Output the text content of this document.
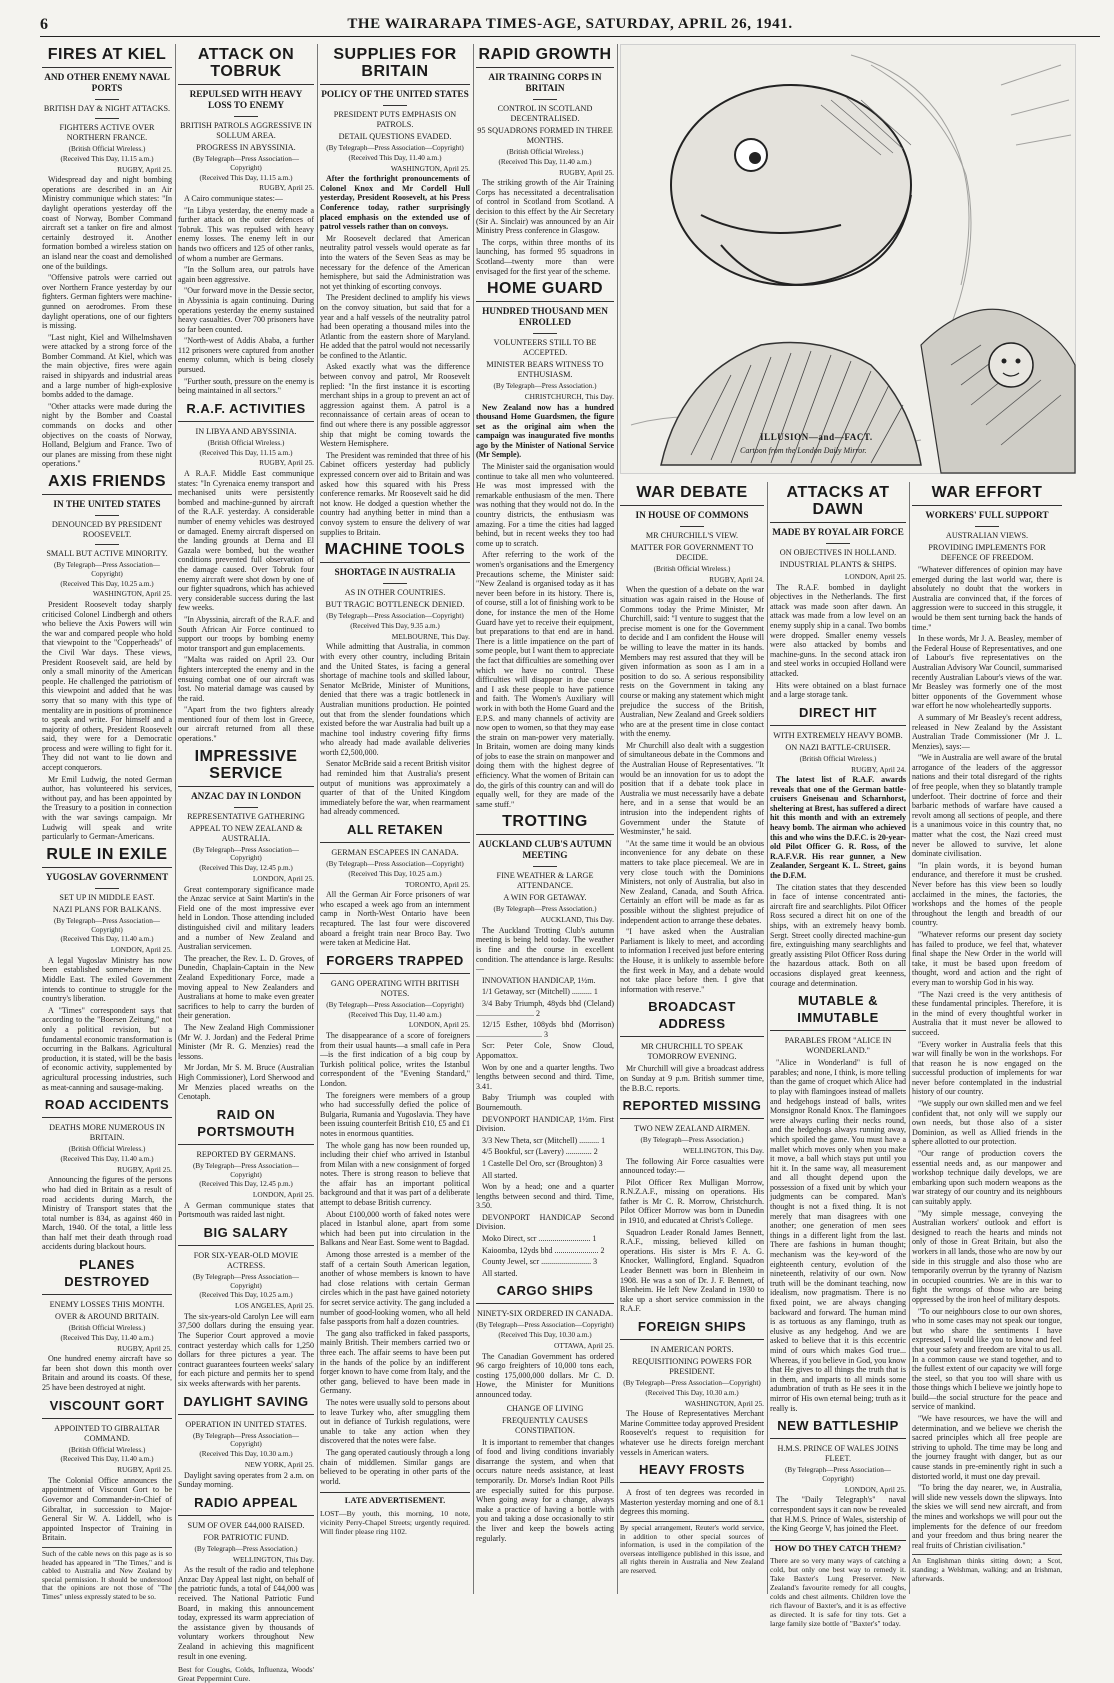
6	THE WAIRARAPA TIMES-AGE, SATURDAY, APRIL 26, 1941.
FIRES AT KIEL
AND OTHER ENEMY NAVAL PORTS
BRITISH DAY & NIGHT ATTACKS.
FIGHTERS ACTIVE OVER NORTHERN FRANCE.
(British Official Wireless.)
(Received This Day, 11.15 a.m.)
RUGBY, April 25.

Widespread day and night bombing operations are described in an Air Ministry communique which states: "In daylight operations yesterday off the coast of Norway, Bomber Command aircraft set a tanker on fire and almost certainly destroyed it. Another formation bombed a wireless station on an island near the coast and demolished one of the buildings.

"Offensive patrols were carried out over Northern France yesterday by our fighters. German fighters were machine-gunned on aerodromes. From these daylight operations, one of our fighters is missing.

"Last night, Kiel and Wilhelmshaven were attacked by a strong force of the Bomber Command. At Kiel, which was the main objective, fires were again raised in shipyards and industrial areas and a large number of high-explosive bombs added to the damage.

"Other attacks were made during the night by the Bomber and Coastal commands on docks and other objectives on the coasts of Norway, Holland, Belgium and France. Two of our planes are missing from these night operations."

AXIS FRIENDS
IN THE UNITED STATES
DENOUNCED BY PRESIDENT ROOSEVELT.
SMALL BUT ACTIVE MINORITY.
(By Telegraph—Press Association—Copyright)
(Received This Day, 10.25 a.m.)
WASHINGTON, April 25.

President Roosevelt today sharply criticised Colonel Lindbergh and others who believe the Axis Powers will win the war and compared people who hold that viewpoint to the "Copperheads" of the Civil War days. These views, President Roosevelt said, are held by only a small minority of the American people. He challenged the patriotism of this viewpoint and added that he was sorry that so many with this type of mentality are in positions of prominence to speak and write. For himself and a majority of others, President Roosevelt said, they were for a Democratic process and were willing to fight for it. They did not want to lie down and accept conquerors.

Mr Emil Ludwig, the noted German author, has volunteered his services, without pay, and has been appointed by the Treasury to a position in connection with the war savings campaign. Mr Ludwig will speak and write particularly to German-Americans.

RULE IN EXILE
YUGOSLAV GOVERNMENT
SET UP IN MIDDLE EAST.
NAZI PLANS FOR BALKANS.
(By Telegraph—Press Association—Copyright)
(Received This Day, 11.40 a.m.)
LONDON, April 25.

A legal Yugoslav Ministry has now been established somewhere in the Middle East. The exiled Government intends to continue to struggle for the country's liberation.

A "Times" correspondent says that according to the "Boersen Zeitung," not only a political revision, but a fundamental economic transformation is occurring in the Balkans. Agricultural production, it is stated, will be the basis of economic activity, supplemented by agricultural processing industries, such as meat-canning and sausage-making.

ROAD ACCIDENTS
DEATHS MORE NUMEROUS IN BRITAIN.
(British Official Wireless.)
(Received This Day, 11.40 a.m.)
RUGBY, April 25.

Announcing the figures of the persons who had died in Britain as a result of road accidents during March, the Ministry of Transport states that the total number is 834, as against 460 in March, 1940. Of the total, a little less than half met their death through road accidents during blackout hours.

PLANES DESTROYED
ENEMY LOSSES THIS MONTH.
OVER & AROUND BRITAIN.
(British Official Wireless.)
(Received This Day, 11.40 a.m.)
RUGBY, April 25.

One hundred enemy aircraft have so far been shot down this month over Britain and around its coasts. Of these, 25 have been destroyed at night.

VISCOUNT GORT
APPOINTED TO GIBRALTAR COMMAND.
(British Official Wireless.)
(Received This Day, 11.40 a.m.)
RUGBY, April 25.

The Colonial Office announces the appointment of Viscount Gort to be Governor and Commander-in-Chief of Gibraltar, in succession to Major-General Sir W. A. Liddell, who is appointed Inspector of Training in Britain.

Such of the cable news on this page as is so headed has appeared in "The Times," and is cabled to Australia and New Zealand by special permission. It should be understood that the opinions are not those of "The Times" unless expressly stated to be so.
ATTACK ON TOBRUK
REPULSED WITH HEAVY LOSS TO ENEMY
BRITISH PATROLS AGGRESSIVE IN SOLLUM AREA.
PROGRESS IN ABYSSINIA.
(By Telegraph—Press Association—Copyright)
(Received This Day, 11.15 a.m.)
RUGBY, April 25.

A Cairo communique states:—

"In Libya yesterday, the enemy made a further attack on the outer defences of Tobruk. This was repulsed with heavy enemy losses. The enemy left in our hands two officers and 125 of other ranks, of whom a number are Germans.

"In the Sollum area, our patrols have again been aggressive.

"Our forward move in the Dessie sector, in Abyssinia is again continuing. During operations yesterday the enemy sustained heavy casualties. Over 700 prisoners have so far been counted.

"North-west of Addis Ababa, a further 112 prisoners were captured from another enemy column, which is being closely pursued.

"Further south, pressure on the enemy is being maintained in all sectors."

R.A.F. ACTIVITIES
IN LIBYA AND ABYSSINIA.
(British Official Wireless.)
(Received This Day, 11.15 a.m.)
RUGBY, April 25.

A R.A.F. Middle East communique states: "In Cyrenaica enemy transport and mechanised units were persistently bombed and machine-gunned by aircraft of the R.A.F. yesterday. A considerable number of enemy vehicles was destroyed or damaged. Enemy aircraft dispersed on the landing grounds at Derna and El Gazala were bombed, but the weather conditions prevented full observation of the damage caused. Over Tobruk four enemy aircraft were shot down by one of our fighter squadrons, which has achieved very considerable success during the last few weeks.

"In Abyssinia, aircraft of the R.A.F. and South African Air Force continued to support our troops by bombing enemy motor transport and gun emplacements.

"Malta was raided on April 23. Our fighters intercepted the enemy and in the ensuing combat one of our aircraft was lost. No material damage was caused by the raid.

"Apart from the two fighters already mentioned four of them lost in Greece, our aircraft returned from all these operations."

IMPRESSIVE SERVICE
ANZAC DAY IN LONDON
REPRESENTATIVE GATHERING
APPEAL TO NEW ZEALAND & AUSTRALIA.
(By Telegraph—Press Association—Copyright)
(Received This Day, 12.45 p.m.)
LONDON, April 25.

Great contemporary significance made the Anzac service at Saint Martin's in the Field one of the most impressive ever held in London. Those attending included distinguished civil and military leaders and a number of New Zealand and Australian servicemen.

The preacher, the Rev. L. D. Groves, of Dunedin, Chaplain-Captain in the New Zealand Expeditionary Force, made a moving appeal to New Zealanders and Australians at home to make even greater sacrifices to help to carry the burden of their generation.

The New Zealand High Commissioner (Mr W. J. Jordan) and the Federal Prime Minister (Mr R. G. Menzies) read the lessons.

Mr Jordan, Mr S. M. Bruce (Australian High Commissioner), Lord Sherwood and Mr Menzies placed wreaths on the Cenotaph.

RAID ON PORTSMOUTH
REPORTED BY GERMANS.
(By Telegraph—Press Association—Copyright)
(Received This Day, 12.45 p.m.)
LONDON, April 25.

A German communique states that Portsmouth was raided last night.

BIG SALARY
FOR SIX-YEAR-OLD MOVIE ACTRESS.
(By Telegraph—Press Association—Copyright)
(Received This Day, 10.25 a.m.)
LOS ANGELES, April 25.

The six-years-old Carolyn Lee will earn 37,500 dollars during the ensuing year. The Superior Court approved a movie contract yesterday which calls for 1,250 dollars for three pictures a year. The contract guarantees fourteen weeks' salary for each picture and permits her to spend six weeks afterwards with her parents.

DAYLIGHT SAVING
OPERATION IN UNITED STATES.
(By Telegraph—Press Association—Copyright)
(Received This Day, 10.30 a.m.)
NEW YORK, April 25.

Daylight saving operates from 2 a.m. on Sunday morning.

RADIO APPEAL
SUM OF OVER £44,000 RAISED.
FOR PATRIOTIC FUND.
(By Telegraph—Press Association.)
WELLINGTON, This Day.

As the result of the radio and telephone Anzac Day Appeal last night, on behalf of the patriotic funds, a total of £44,000 was received. The National Patriotic Fund Board, in making this announcement today, expressed its warm appreciation of the assistance given by thousands of voluntary workers throughout New Zealand in achieving this magnificent result in one evening.

Best for Coughs, Colds, Influenza, Woods' Great Peppermint Cure.
SUPPLIES FOR BRITAIN
POLICY OF THE UNITED STATES
PRESIDENT PUTS EMPHASIS ON PATROLS.
DETAIL QUESTIONS EVADED.
(By Telegraph—Press Association—Copyright)
(Received This Day, 11.40 a.m.)
WASHINGTON, April 25.

After the forthright pronouncements of Colonel Knox and Mr Cordell Hull yesterday, President Roosevelt, at his Press Conference today, rather surprisingly placed emphasis on the extended use of patrol vessels rather than on convoys.

Mr Roosevelt declared that American neutrality patrol vessels would operate as far into the waters of the Seven Seas as may be necessary for the defence of the American hemisphere, but said the Administration was not yet thinking of escorting convoys.

The President declined to amplify his views on the convoy situation, but said that for a year and a half vessels of the neutrality patrol had been operating a thousand miles into the Atlantic from the eastern shore of Maryland. He added that the patrol would not necessarily be confined to the Atlantic.

Asked exactly what was the difference between convoy and patrol, Mr Roosevelt replied: "In the first instance it is escorting merchant ships in a group to prevent an act of aggression against them. A patrol is a reconnaissance of certain areas of ocean to find out where there is any possible aggressor ship that might be coming towards the Western Hemisphere.

The President was reminded that three of his Cabinet officers yesterday had publicly expressed concern over aid to Britain and was asked how this squared with his Press conference remarks. Mr Roosevelt said he did not know. He dodged a question whether the country had anything better in mind than a convoy system to ensure the delivery of war supplies to Britain.

MACHINE TOOLS
SHORTAGE IN AUSTRALIA
AS IN OTHER COUNTRIES.
BUT TRAGIC BOTTLENECK DENIED.
(By Telegraph—Press Association—Copyright)
(Received This Day, 9.35 a.m.)
MELBOURNE, This Day.

While admitting that Australia, in common with every other country, including Britain and the United States, is facing a general shortage of machine tools and skilled labour, Senator McBride, Minister of Munitions, denied that there was a tragic bottleneck in Australian munitions production. He pointed out that from the slender foundations which existed before the war Australia had built up a machine tool industry covering fifty firms who already had made available deliveries worth £2,500,000.

Senator McBride said a recent British visitor had reminded him that Australia's present output of munitions was approximately a quarter of that of the United Kingdom immediately before the war, when rearmament had already commenced.

ALL RETAKEN
GERMAN ESCAPEES IN CANADA.
(By Telegraph—Press Association—Copyright)
(Received This Day, 10.25 a.m.)
TORONTO, April 25.

All the German Air Force prisoners of war who escaped a week ago from an internment camp in North-West Ontario have been recaptured. The last four were discovered aboard a freight train near Broco Bay. Two were taken at Medicine Hat.

FORGERS TRAPPED
GANG OPERATING WITH BRITISH NOTES.
(By Telegraph—Press Association—Copyright)
(Received This Day, 11.40 a.m.)
LONDON, April 25.

The disappearance of a score of foreigners from their usual haunts—a small cafe in Pera—is the first indication of a big coup by Turkish political police, writes the Istanbul correspondent of the "Evening Standard," London.

The foreigners were members of a group who had successfully defied the police of Bulgaria, Rumania and Yugoslavia. They have been issuing counterfeit British £10, £5 and £1 notes in enormous quantities.

The whole gang has now been rounded up, including their chief who arrived in Istanbul from Milan with a new consignment of forged notes. There is strong reason to believe that the affair has an important political background and that it was part of a deliberate attempt to debase British currency.

About £100,000 worth of faked notes were placed in Istanbul alone, apart from some which had been put into circulation in the Balkans and Near East. Some went to Bagdad.

Among those arrested is a member of the staff of a certain South American legation, another of whose members is known to have had close relations with certain German circles which in the past have gained notoriety for secret service activity. The gang included a number of good-looking women, who all held false passports from half a dozen countries.

The gang also trafficked in faked passports, mainly British. Their members carried two or three each. The affair seems to have been put in the hands of the police by an indifferent forger known to have come from Italy, and the other gang, believed to have been made in Germany.

The notes were usually sold to persons about to leave Turkey who, after smuggling them out in defiance of Turkish regulations, were unable to take any action when they discovered that the notes were false.

The gang operated cautiously through a long chain of middlemen. Similar gangs are believed to be operating in other parts of the world.

LATE ADVERTISEMENT.
LOST—By youth, this morning, 10 note, vicinity Perry-Chapel Streets; urgently required. Will finder please ring 1102.
RAPID GROWTH
AIR TRAINING CORPS IN BRITAIN
CONTROL IN SCOTLAND DECENTRALISED.
95 SQUADRONS FORMED IN THREE MONTHS.
(British Official Wireless.)
(Received This Day, 11.40 a.m.)
RUGBY, April 25.

The striking growth of the Air Training Corps has necessitated a decentralisation of control in Scotland from Scotland. A decision to this effect by the Air Secretary (Sir A. Sinclair) was announced by an Air Ministry Press conference in Glasgow.

The corps, within three months of its launching, has formed 95 squadrons in Scotland—twenty more than were envisaged for the first year of the scheme.

HOME GUARD
HUNDRED THOUSAND MEN ENROLLED
VOLUNTEERS STILL TO BE ACCEPTED.
MINISTER BEARS WITNESS TO ENTHUSIASM.
(By Telegraph—Press Association.)
CHRISTCHURCH, This Day.

New Zealand now has a hundred thousand Home Guardsmen, the figure set as the original aim when the campaign was inaugurated five months ago by the Minister of National Service (Mr Semple).

The Minister said the organisation would continue to take all men who volunteered. He was most impressed with the remarkable enthusiasm of the men. There was nothing that they would not do. In the country districts, the enthusiasm was amazing. For a time the cities had lagged behind, but in recent weeks they too had come up to scratch.

After referring to the work of the women's organisations and the Emergency Precautions scheme, the Minister said: "New Zealand is organised today as it has never been before in its history. There is, of course, still a lot of finishing work to be done, for instance the men of the Home Guard have yet to receive their equipment, but preparations to that end are in hand. There is a little impatience on the part of some people, but I want them to appreciate the fact that difficulties are something over which we have no control. These difficulties will disappear in due course and I ask these people to have patience and faith. The Women's Auxiliary will work in with both the Home Guard and the E.P.S. and many channels of activity are now open to women, so that they may ease the strain on man-power very materially. In Britain, women are doing many kinds of jobs to ease the strain on manpower and doing them with the highest degree of efficiency. What the women of Britain can do, the girls of this country can and will do equally well, for they are made of the same stuff."

TROTTING
AUCKLAND CLUB'S AUTUMN MEETING
FINE WEATHER & LARGE ATTENDANCE.
A WIN FOR GETAWAY.
(By Telegraph—Press Association.)
AUCKLAND, This Day.

The Auckland Trotting Club's autumn meeting is being held today. The weather is fine and the course in excellent condition. The attendance is large. Results:—

INNOVATION HANDICAP, 1½m.

1/1 Getaway, scr (Mitchell) .......... 1

3/4 Baby Triumph, 48yds bhd (Cleland) ............................. 2

12/15 Esther, 108yds bhd (Morrison) ................................. 3

Scr: Peter Cole, Snow Cloud, Appomattox.

Won by one and a quarter lengths. Two lengths between second and third. Time, 3.41.

Baby Triumph was coupled with Bournemouth.

DEVONPORT HANDICAP, 1½m. First Division.

3/3 New Theta, scr (Mitchell) .......... 1

4/5 Bookful, scr (Lavery) ............. 2

1 Castelle Del Oro, scr (Broughton) 3

All started.

Won by a head; one and a quarter lengths between second and third. Time, 3.50.

DEVONPORT HANDICAP Second Division.

Moko Direct, scr .......................... 1

Kaioomba, 12yds bhd ...................... 2

County Jewel, scr ......................... 3

All started.

CARGO SHIPS
NINETY-SIX ORDERED IN CANADA.
(By Telegraph—Press Association—Copyright)
(Received This Day, 10.30 a.m.)
OTTAWA, April 25.

The Canadian Government has ordered 96 cargo freighters of 10,000 tons each, costing 175,000,000 dollars. Mr C. D. Howe, the Minister for Munitions announced today.

CHANGE OF LIVING
FREQUENTLY CAUSES CONSTIPATION.

It is important to remember that changes of food and living conditions invariably disarrange the system, and when that occurs nature needs assistance, at least temporarily. Dr. Morse's Indian Root Pills are especially suited for this purpose. When going away for a change, always make a practice of having a bottle with you and taking a dose occasionally to stir the liver and keep the bowels acting regularly.

ILLUSION—and—FACT.
Cartoon from the London Daily Mirror.
WAR DEBATE
IN HOUSE OF COMMONS
MR CHURCHILL'S VIEW.
MATTER FOR GOVERNMENT TO DECIDE.
(British Official Wireless.)
RUGBY, April 24.

When the question of a debate on the war situation was again raised in the House of Commons today the Prime Minister, Mr Churchill, said: "I venture to suggest that the precise moment is one for the Government to decide and I am confident the House will be willing to leave the matter in its hands. Members may rest assured that they will be given information as soon as I am in a position to do so. A serious responsibility rests on the Government in taking any course or making any statement which might prejudice the success of the British, Australian, New Zealand and Greek soldiers who are at the present time in close contact with the enemy.

Mr Churchill also dealt with a suggestion of simultaneous debate in the Commons and the Australian House of Representatives. "It would be an innovation for us to adopt the position that if a debate took place in Australia we must necessarily have a debate here, and in a sense that would be an intrusion into the independent rights of Government under the Statute of Westminster," he said.

"At the same time it would be an obvious inconvenience for any debate on these matters to take place piecemeal. We are in very close touch with the Dominions Ministers, not only of Australia, but also in New Zealand, Canada, and South Africa. Certainly an effort will be made as far as possible without the slightest prejudice of independent action to arrange these debates.

"I have asked when the Australian Parliament is likely to meet, and according to information I received just before entering the House, it is unlikely to assemble before the first week in May, and a debate would not take place before then. I give that information with reserve."

BROADCAST ADDRESS
MR CHURCHILL TO SPEAK TOMORROW EVENING.

Mr Churchill will give a broadcast address on Sunday at 9 p.m. British summer time, the B.B.C. reports.

REPORTED MISSING
TWO NEW ZEALAND AIRMEN.
(By Telegraph—Press Association.)
WELLINGTON, This Day.

The following Air Force casualties were announced today:—

Pilot Officer Rex Mulligan Morrow, R.N.Z.A.F., missing on operations. His father is Mr C. R. Morrow, Christchurch. Pilot Officer Morrow was born in Dunedin in 1910, and educated at Christ's College.

Squadron Leader Ronald James Bennett, R.A.F., missing, believed killed on operations. His sister is Mrs F. A. G. Knocker, Wallingford, England. Squadron Leader Bennett was born in Blenheim in 1908. He was a son of Dr. J. F. Bennett, of Blenheim. He left New Zealand in 1930 to take up a short service commission in the R.A.F.

FOREIGN SHIPS
IN AMERICAN PORTS.
REQUISITIONING POWERS FOR PRESIDENT.
(By Telegraph—Press Association—Copyright)
(Received This Day, 10.30 a.m.)
WASHINGTON, April 25.

The House of Representatives Merchant Marine Committee today approved President Roosevelt's request to requisition for whatever use he directs foreign merchant vessels in American waters.

HEAVY FROSTS

A frost of ten degrees was recorded in Masterton yesterday morning and one of 8.1 degrees this morning.

By special arrangement, Reuter's world service, in addition to other special sources of information, is used in the compilation of the overseas intelligence published in this issue, and all rights therein in Australia and New Zealand are reserved.
ATTACKS AT DAWN
MADE BY ROYAL AIR FORCE
ON OBJECTIVES IN HOLLAND.
INDUSTRIAL PLANTS & SHIPS.
LONDON, April 25.

The R.A.F. bombed in daylight objectives in the Netherlands. The first attack was made soon after dawn. An attack was made from a low level on an enemy supply ship in a canal. Two bombs were dropped. Smaller enemy vessels were also attacked by bombs and machine-guns. In the second attack iron and steel works in occupied Holland were attacked.

Hits were obtained on a blast furnace and a large storage tank.

DIRECT HIT
WITH EXTREMELY HEAVY BOMB.
ON NAZI BATTLE-CRUISER.
(British Official Wireless.)
RUGBY, April 24.

The latest list of R.A.F. awards reveals that one of the German battle-cruisers Gneisenau and Scharnhorst, sheltering at Brest, has suffered a direct hit this month and with an extremely heavy bomb. The airman who achieved this and who wins the D.F.C. is 20-year-old Pilot Officer G. R. Ross, of the R.A.F.V.R. His rear gunner, a New Zealander, Sergeant K. L. Street, gains the D.F.M.

The citation states that they descended in face of intense concentrated anti-aircraft fire and searchlights. Pilot Officer Ross secured a direct hit on one of the ships, with an extremely heavy bomb. Sergt. Street coolly directed machine-gun fire, extinguishing many searchlights and greatly assisting Pilot Officer Ross during the hazardous attack. Both on all occasions displayed great keenness, courage and determination.

MUTABLE & IMMUTABLE
PARABLES FROM "ALICE IN WONDERLAND."

"Alice in Wonderland" is full of parables; and none, I think, is more telling than the game of croquet which Alice had to play with flamingoes instead of mallets and hedgehogs instead of balls, writes Monsignor Ronald Knox. The flamingoes were always curling their necks round, and the hedgehogs always running away, which spoiled the game. You must have a mallet which moves only when you make it move, a ball which stays put until you hit it. In the same way, all measurement and all thought depend upon the possession of a fixed unit by which your judgments can be compared. Man's thought is not a fixed thing. It is not merely that man disagrees with one another; one generation of men sees things in a different light from the last. There are fashions in human thought; mechanism was the key-word of the eighteenth century, evolution of the nineteenth, relativity of our own. Now truth will be the dominant teaching, now idealism, now pragmatism. There is no fixed point, we are always changing backward and forward. The human mind is as tortuous as any flamingo, truth as elusive as any hedgehog. And we are asked to believe that it is this eccentric mind of ours which makes God true... Whereas, if you believe in God, you know that He gives to all things the truth that is in them, and imparts to all minds some adumbration of truth as He sees it in the mirror of His own eternal being; truth as it really is.

NEW BATTLESHIP
H.M.S. PRINCE OF WALES JOINS FLEET.
(By Telegraph—Press Association—Copyright)
LONDON, April 25.

The "Daily Telegraph's" naval correspondent says it can now be revealed that H.M.S. Prince of Wales, sistership of the King George V, has joined the Fleet.

HOW DO THEY CATCH THEM?
There are so very many ways of catching a cold, but only one best way to remedy it. Take Baxter's Lung Preserver. New Zealand's favourite remedy for all coughs, colds and chest ailments. Children love the rich flavour of Baxter's, and it is as effective as directed. It is safe for tiny tots. Get a large family size bottle of "Baxter's" today.
WAR EFFORT
WORKERS' FULL SUPPORT
AUSTRALIAN VIEWS.
PROVIDING IMPLEMENTS FOR DEFENCE OF FREEDOM.

"Whatever differences of opinion may have emerged during the last world war, there is absolutely no doubt that the workers in Australia are convinced that, if the forces of aggression were to succeed in this struggle, it would be them sent turning back the hands of time."

In these words, Mr J. A. Beasley, member of the Federal House of Representatives, and one of Labour's five representatives on the Australian Advisory War Council, summarised recently Australian Labour's views of the war. Mr Beasley was formerly one of the most bitter opponents of the Government whose war effort he now wholeheartedly supports.

A summary of Mr Beasley's recent address, released in New Zealand by the Assistant Australian Trade Commissioner (Mr J. L. Menzies), says:—

"We in Australia are well aware of the brutal arrogance of the leaders of the aggressor nations and their total disregard of the rights of free people, when they so blatantly trample underfoot. Their doctrine of force and their barbaric methods of warfare have caused a revolt among all sections of people, and there is a unanimous voice in this country that, no matter what the cost, the Nazi creed must never be allowed to survive, let alone dominate civilisation.

"In plain words, it is beyond human endurance, and therefore it must be crushed. Never before has this view been so loudly acclaimed in the mines, the factories, the workshops and the homes of the people throughout the length and breadth of our country.

"Whatever reforms our present day society has failed to produce, we feel that, whatever final shape the New Order in the world will take, it must be based upon freedom of thought, word and action and the right of every man to worship God in his way.

"The Nazi creed is the very antithesis of these fundamental principles. Therefore, it is in the mind of every thoughtful worker in Australia that it must never be allowed to succeed.

"Every worker in Australia feels that this war will finally be won in the workshops. For that reason he is now engaged on the successful production of implements for war never before contemplated in the industrial history of our country.

"We supply our own skilled men and we feel confident that, not only will we supply our own needs, but those also of a sister Dominion, as well as Allied friends in the sphere allotted to our protection.

"Our range of production covers the essential needs and, as our manpower and workshop technique daily develops, we are embarking upon such modern weapons as the war strategy of our country and its neighbours can suitably apply.

"My simple message, conveying the Australian workers' outlook and effort is designed to reach the hearts and minds not only of those in Great Britain, but also the workers in all lands, those who are now by our side in this struggle and also those who are temporarily overrun by the tyranny of Nazism in occupied countries. We are in this war to fight the wrongs of those who are being oppressed by the iron heel of military despots.

"To our neighbours close to our own shores, who in some cases may not speak our tongue, but who share the sentiments I have expressed, I would like you to know and feel that your safety and freedom are vital to us all. In a common cause we stand together, and to the fullest extent of our capacity we will forge the steel, so that you too will share with us those things which I believe we jointly hope to build—the social structure for the peace and service of mankind.

"We have resources, we have the will and determination, and we believe we cherish the sacred principles which all free people are striving to uphold. The time may be long and the journey fraught with danger, but as our cause stands in pre-eminently right in such a distorted world, it must one day prevail.

"To bring the day nearer, we, in Australia, will slide new vessels down the slipways. Into the skies we will send new aircraft, and from the mines and workshops we will pour out the implements for the defence of our freedom and your freedom and thus bring nearer the real fruits of Christian civilisation."

An Englishman thinks sitting down; a Scot, standing; a Welshman, walking; and an Irishman, afterwards.
